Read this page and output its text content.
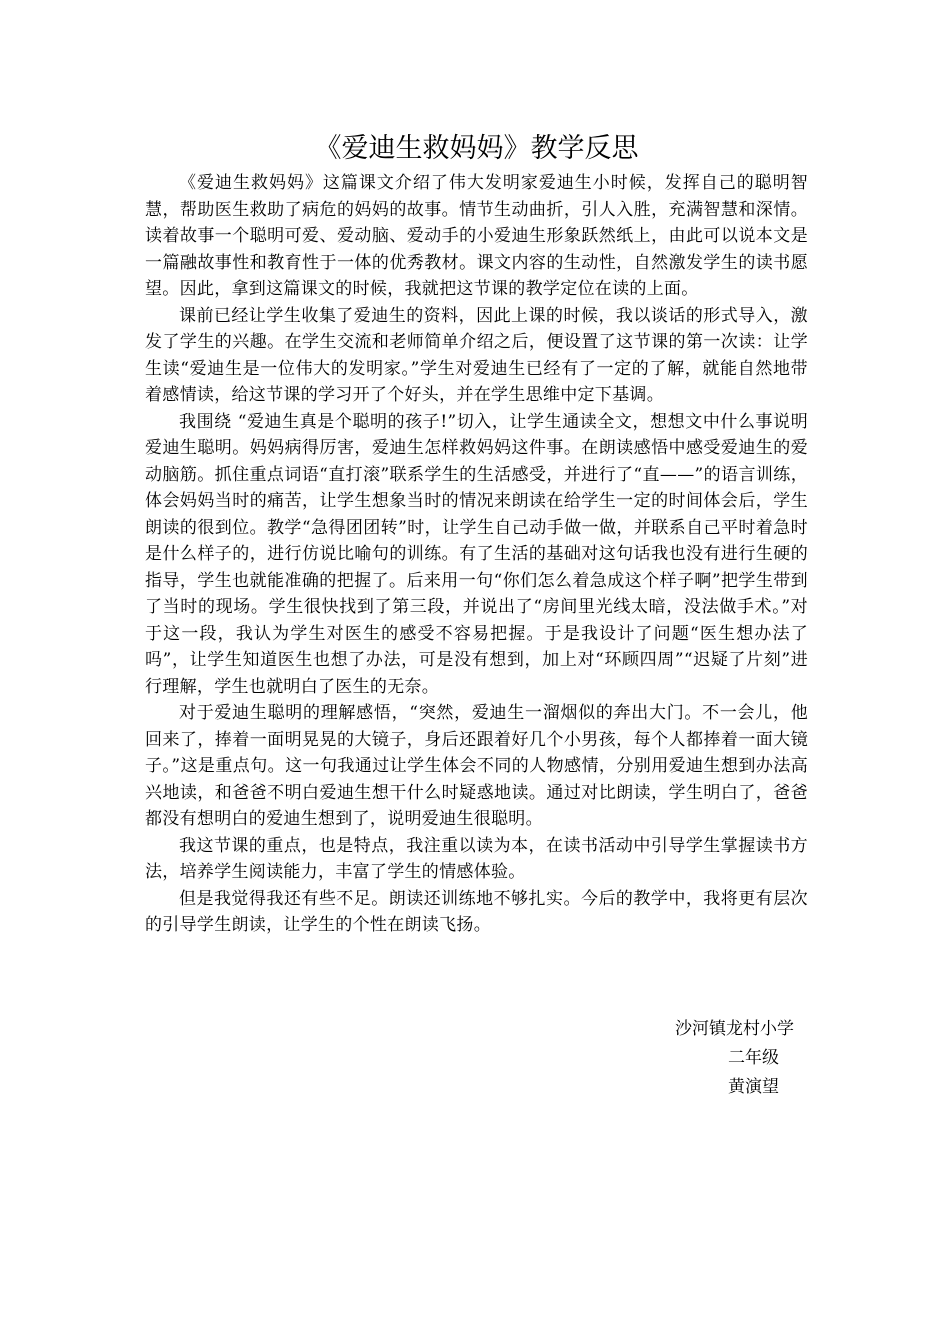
《爱迪生救妈妈》教学反思

《爱迪生救妈妈》这篇课文介绍了伟大发明家爱迪生小时候，发挥自己的聪明智慧，帮助医生救助了病危的妈妈的故事。情节生动曲折，引人入胜，充满智慧和深情。读着故事一个聪明可爱、爱动脑、爱动手的小爱迪生形象跃然纸上，由此可以说本文是一篇融故事性和教育性于一体的优秀教材。课文内容的生动性，自然激发学生的读书愿望。因此，拿到这篇课文的时候，我就把这节课的教学定位在读的上面。

课前已经让学生收集了爱迪生的资料，因此上课的时候，我以谈话的形式导入，激发了学生的兴趣。在学生交流和老师简单介绍之后，便设置了这节课的第一次读：让学生读“爱迪生是一位伟大的发明家。”学生对爱迪生已经有了一定的了解，就能自然地带着感情读，给这节课的学习开了个好头，并在学生思维中定下基调。

我围绕 “爱迪生真是个聪明的孩子!”切入，让学生通读全文，想想文中什么事说明爱迪生聪明。妈妈病得厉害，爱迪生怎样救妈妈这件事。在朗读感悟中感受爱迪生的爱动脑筋。抓住重点词语“直打滚”联系学生的生活感受，并进行了“直——”的语言训练，体会妈妈当时的痛苦，让学生想象当时的情况来朗读在给学生一定的时间体会后，学生朗读的很到位。教学“急得团团转”时，让学生自己动手做一做，并联系自己平时着急时是什么样子的，进行仿说比喻句的训练。有了生活的基础对这句话我也没有进行生硬的指导，学生也就能准确的把握了。后来用一句“你们怎么着急成这个样子啊”把学生带到了当时的现场。学生很快找到了第三段，并说出了“房间里光线太暗，没法做手术。”对于这一段，我认为学生对医生的感受不容易把握。于是我设计了问题“医生想办法了吗”，让学生知道医生也想了办法，可是没有想到，加上对“环顾四周”“迟疑了片刻”进行理解，学生也就明白了医生的无奈。

对于爱迪生聪明的理解感悟，“突然，爱迪生一溜烟似的奔出大门。不一会儿，他回来了，捧着一面明晃晃的大镜子，身后还跟着好几个小男孩，每个人都捧着一面大镜子。”这是重点句。这一句我通过让学生体会不同的人物感情，分别用爱迪生想到办法高兴地读，和爸爸不明白爱迪生想干什么时疑惑地读。通过对比朗读，学生明白了，爸爸都没有想明白的爱迪生想到了，说明爱迪生很聪明。

我这节课的重点，也是特点，我注重以读为本，在读书活动中引导学生掌握读书方法，培养学生阅读能力，丰富了学生的情感体验。

但是我觉得我还有些不足。朗读还训练地不够扎实。今后的教学中，我将更有层次的引导学生朗读，让学生的个性在朗读飞扬。

沙河镇龙村小学
二年级
黄演望
